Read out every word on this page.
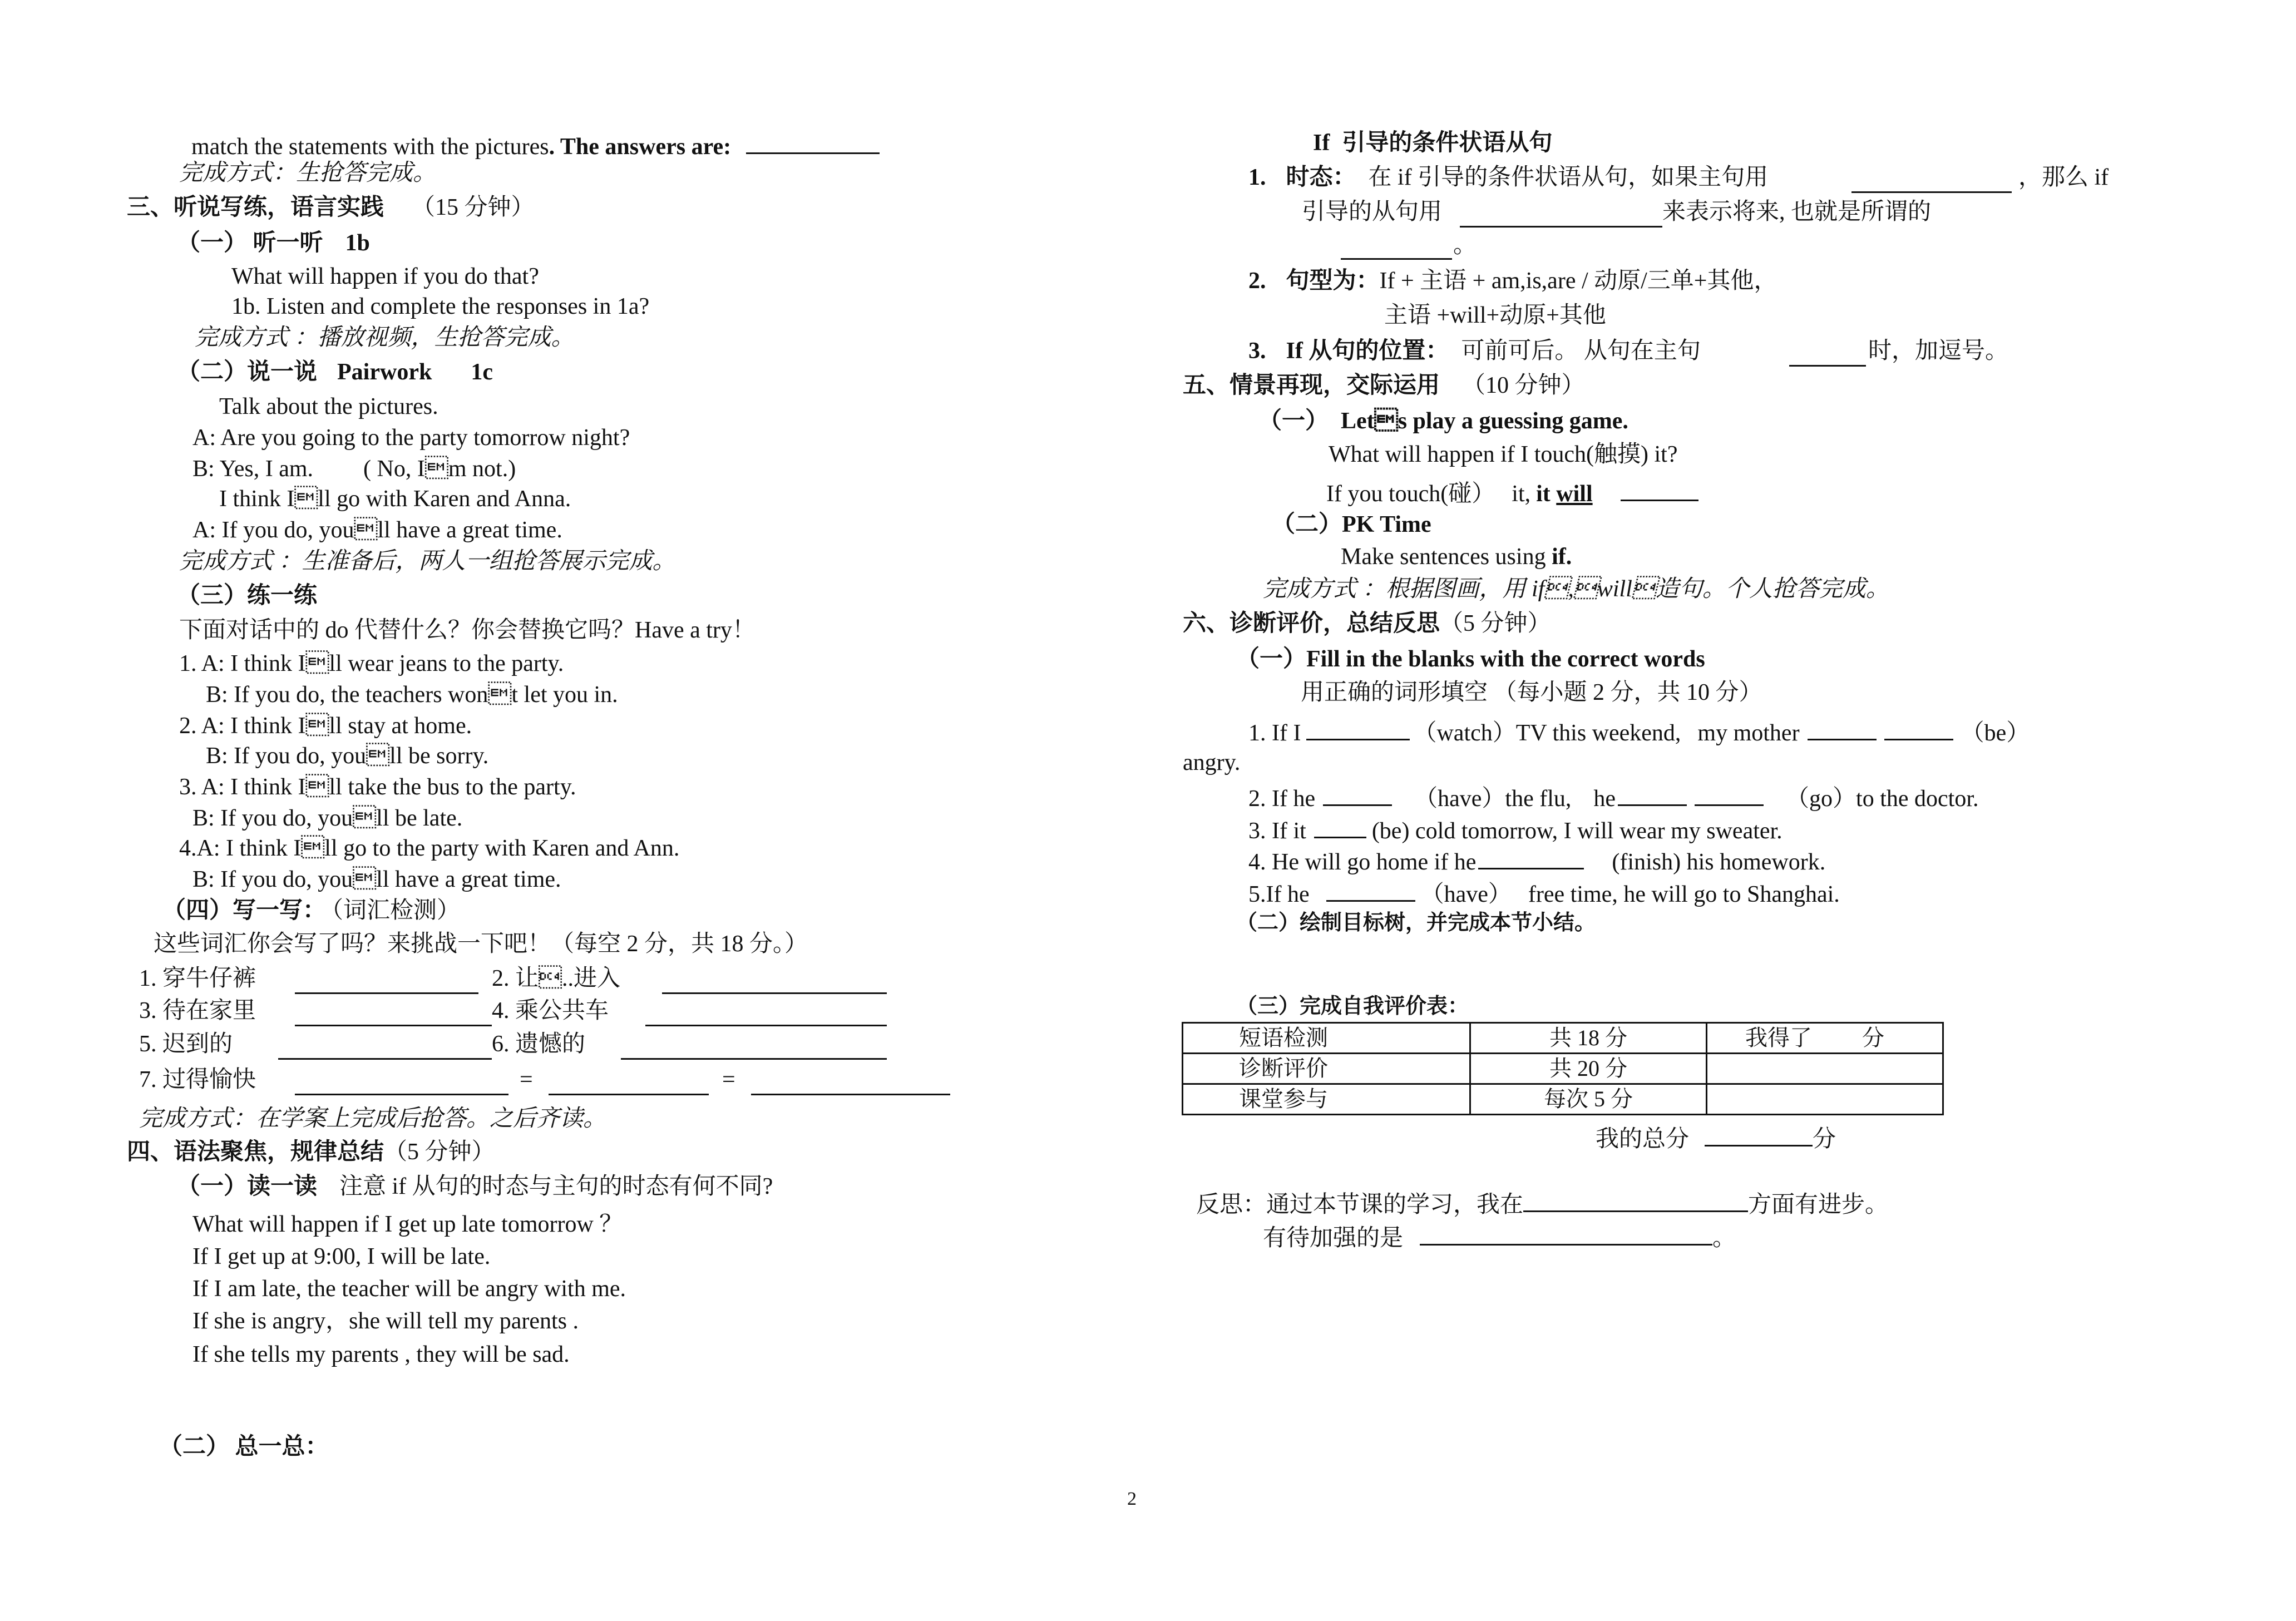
match the statements with the pictures. The answers are:
完成方式：生抢答完成。
三、听说写练，语言实践 （15 分钟）
（一） 听一听 1b
What will happen if you do that?
1b. Listen and complete the responses in 1a?
完成方式 ：播放视频，生抢答完成。
（二）说一说 Pairwork 1c
Talk about the pictures.
A: Are you going to the party tomorrow night?
B: Yes, I am. ( No, Im not.)
I think Ill go with Karen and Anna.
A: If you do, youll have a great time.
完成方式 ：生准备后，两人一组抢答展示完成。
（三）练一练
下面对话中的 do 代替什么？你会替换它吗？Have a try！
1. A: I think Ill wear jeans to the party.
B: If you do, the teachers wont let you in.
2. A: I think Ill stay at home.
B: If you do, youll be sorry.
3. A: I think Ill take the bus to the party.
B: If you do, youll be late.
4.A: I think Ill go to the party with Karen and Ann.
B: If you do, youll have a great time.
（四）写一写： （词汇检测）
这些词汇你会写了吗？来挑战一下吧！（每空 2 分，共 18 分。）
1. 穿牛仔裤	2. 让..进入
3. 待在家里	4. 乘公共车
5. 迟到的	6. 遗憾的
7. 过得愉快	=	=
完成方式：在学案上完成后抢答。之后齐读。
四、语法聚焦，规律总结（5 分钟）
（一）读一读 注意 if 从句的时态与主句的时态有何不同?
What will happen if I get up late tomorrow ？
If I get up at 9:00, I will be late.
If I am late, the teacher will be angry with me.
If she is angry，she will tell my parents .
If she tells my parents , they will be sad.
（二） 总一总：
If 引导的条件状语从句
1. 时态： 在 if 引导的条件状语从句，如果主句用	，那么 if
引导的从句用	来表示将来, 也就是所谓的
。
2. 句型为：If + 主语 + am,is,are / 动原/三单+其他，
主语 +will+动原+其他
3. If 从句的位置： 可前可后。 从句在主句	时，加逗号。
五、情景再现，交际运用 （10 分钟）
（一） Lets play a guessing game.
What will happen if I touch(触摸) it?
If you touch(碰） it, it will
（二）PK Time
Make sentences using if.
完成方式 ：根据图画，用 if,will造句。个人抢答完成。
六、诊断评价，总结反思（5 分钟）
（一）Fill in the blanks with the correct words
用正确的词形填空 （每小题 2 分，共 10 分）
1. If I	（watch）TV this weekend, my mother	（be）
angry.
2. If he	（have）the flu, he	（go）to the doctor.
3. If it	(be) cold tomorrow, I will wear my sweater.
4. He will go home if he	(finish) his homework.
5.If he	（have） free time, he will go to Shanghai.
（二）绘制目标树，并完成本节小结。
（三）完成自我评价表：
短语检测	共 18 分	我得了 分
诊断评价	共 20 分	
课堂参与	每次 5 分	
我的总分	分
反思：通过本节课的学习，我在	方面有进步。
有待加强的是	。
2
